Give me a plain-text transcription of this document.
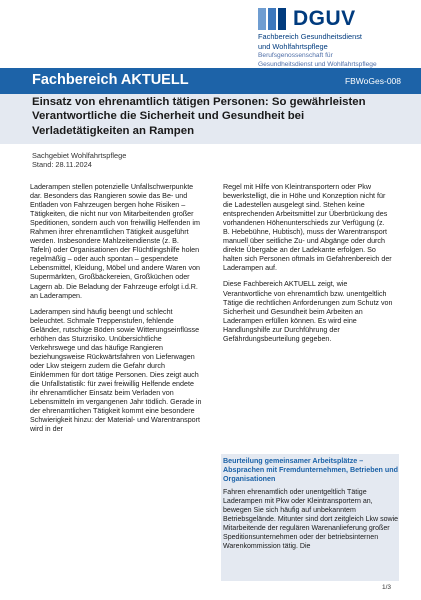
DGUV
Fachbereich Gesundheitsdienst
und Wohlfahrtspflege
Berufsgenossenschaft für
Gesundheitsdienst und Wohlfahrtspflege
Fachbereich AKTUELL	FBWoGes-008
Einsatz von ehrenamtlich tätigen Personen: So gewährleisten Verantwortliche die Sicherheit und Gesundheit bei Verladetätigkeiten an Rampen
Sachgebiet Wohlfahrtspflege
Stand: 28.11.2024

Laderampen stellen potenzielle Unfallschwerpunkte dar. Besonders das Rangieren sowie das Be- und Entladen von Fahrzeugen bergen hohe Risiken – Tätigkeiten, die nicht nur von Mitarbeitenden großer Speditionen, sondern auch von freiwillig Helfenden im Rahmen ihrer ehrenamtlichen Tätigkeit ausgeführt werden. Insbesondere Mahlzeitendienste (z. B. Tafeln) oder Organisationen der Flüchtlingshilfe holen regelmäßig – oder auch spontan – gespendete Lebensmittel, Kleidung, Möbel und andere Waren von Supermärkten, Großbäckereien, Großküchen oder Lagern ab. Die Beladung der Fahrzeuge erfolgt i.d.R. an Laderampen.

Laderampen sind häufig beengt und schlecht beleuchtet. Schmale Treppenstufen, fehlende Geländer, rutschige Böden sowie Witterungseinflüsse erhöhen das Sturzrisiko. Unübersichtliche Verkehrswege und das häufige Rangieren beziehungsweise Rückwärtsfahren von Lieferwagen oder Lkw steigern zudem die Gefahr durch Einklemmen für dort tätige Personen. Dies zeigt auch die Unfallstatistik: für zwei freiwillig Helfende endete ihr ehrenamtlicher Einsatz beim Verladen von Lebensmitteln im vergangenen Jahr tödlich. Gerade in der ehrenamtlichen Tätigkeit kommt eine besondere Schwierigkeit hinzu: der Material- und Warentransport wird in der

Regel mit Hilfe von Kleintransportern oder Pkw bewerkstelligt, die in Höhe und Konzeption nicht für die Ladestellen ausgelegt sind. Stehen keine entsprechenden Arbeitsmittel zur Überbrückung des vorhandenen Höhenunterschieds zur Verfügung (z. B. Hebebühne, Hubtisch), muss der Warentransport manuell über seitliche Zu- und Abgänge oder durch direkte Übergabe an der Ladekante erfolgen. So halten sich Personen oftmals im Gefahrenbereich der Laderampen auf.

Diese Fachbereich AKTUELL zeigt, wie Verantwortliche von ehrenamtlich bzw. unentgeltlich Tätige die rechtlichen Anforderungen zum Schutz von Sicherheit und Gesundheit beim Arbeiten an Laderampen erfüllen können. Es wird eine Handlungshilfe zur Durchführung der Gefährdungsbeurteilung gegeben.

Beurteilung gemeinsamer Arbeitsplätze – Absprachen mit Fremdunternehmen, Betrieben und Organisationen
Fahren ehrenamtlich oder unentgeltlich Tätige Laderampen mit Pkw oder Kleintransportern an, bewegen Sie sich häufig auf unbekanntem Betriebsgelände. Mitunter sind dort zeitgleich Lkw sowie Mitarbeitende der regulären Warenanlieferung großer Speditionsunternehmen oder der betriebsinternen Warenkommission tätig. Die
1/3
